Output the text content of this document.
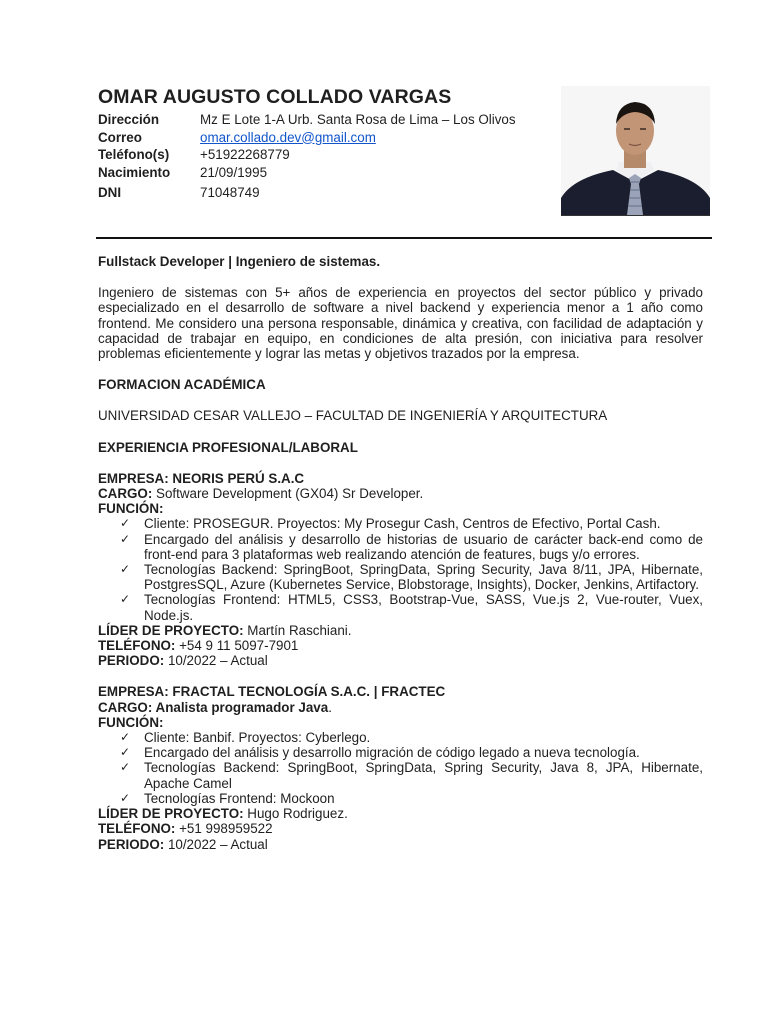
OMAR AUGUSTO COLLADO VARGAS
Dirección	Mz E Lote 1-A Urb. Santa Rosa de Lima – Los Olivos
Correo	omar.collado.dev@gmail.com
Teléfono(s)	+51922268779
Nacimiento	21/09/1995
DNI	71048749

Fullstack Developer | Ingeniero de sistemas.

Ingeniero de sistemas con 5+ años de experiencia en proyectos del sector público y privado especializado en el desarrollo de software a nivel backend y experiencia menor a 1 año como frontend. Me considero una persona responsable, dinámica y creativa, con facilidad de adaptación y capacidad de trabajar en equipo, en condiciones de alta presión, con iniciativa para resolver problemas eficientemente y lograr las metas y objetivos trazados por la empresa.

FORMACION ACADÉMICA

UNIVERSIDAD CESAR VALLEJO – FACULTAD DE INGENIERÍA Y ARQUITECTURA

EXPERIENCIA PROFESIONAL/LABORAL

EMPRESA: NEORIS PERÚ S.A.C

CARGO: Software Development (GX04) Sr Developer.

FUNCIÓN:

✓ Cliente: PROSEGUR. Proyectos: My Prosegur Cash, Centros de Efectivo, Portal Cash.
✓ Encargado del análisis y desarrollo de historias de usuario de carácter back-end como de front-end para 3 plataformas web realizando atención de features, bugs y/o errores.
✓ Tecnologías Backend: SpringBoot, SpringData, Spring Security, Java 8/11, JPA, Hibernate, PostgresSQL, Azure (Kubernetes Service, Blobstorage, Insights), Docker, Jenkins, Artifactory.
✓ Tecnologías Frontend: HTML5, CSS3, Bootstrap-Vue, SASS, Vue.js 2, Vue-router, Vuex, Node.js.

LÍDER DE PROYECTO: Martín Raschiani.

TELÉFONO: +54 9 11 5097-7901

PERIODO: 10/2022 – Actual

EMPRESA: FRACTAL TECNOLOGÍA S.A.C. | FRACTEC

CARGO: Analista programador Java.

FUNCIÓN:

✓ Cliente: Banbif. Proyectos: Cyberlego.
✓ Encargado del análisis y desarrollo migración de código legado a nueva tecnología.
✓ Tecnologías Backend: SpringBoot, SpringData, Spring Security, Java 8, JPA, Hibernate, Apache Camel
✓ Tecnologías Frontend: Mockoon

LÍDER DE PROYECTO: Hugo Rodriguez.

TELÉFONO: +51 998959522

PERIODO: 10/2022 – Actual
